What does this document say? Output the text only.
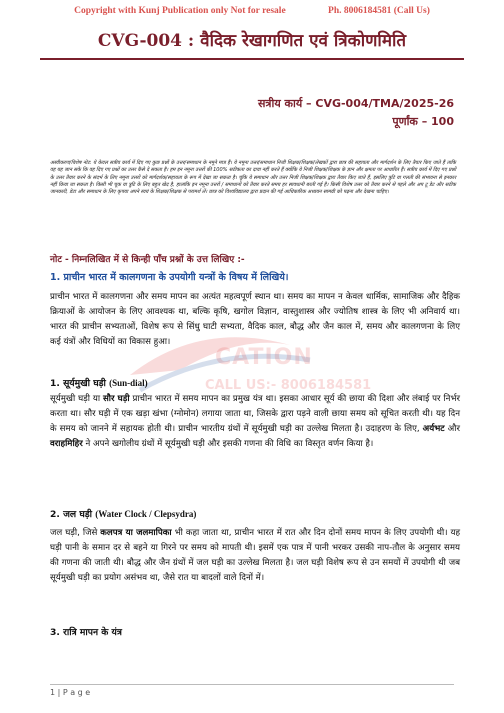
Copyright with Kunj Publication only Not for resale	Ph. 8006184581 (Call Us)
CVG-004 : वैदिक रेखागणित एवं त्रिकोणमिति
सत्रीय कार्य – CVG-004/TMA/2025-26
पूर्णांक – 100
अस्वीकरण/विशेष नोट: ये केवल सत्रीय कार्य में दिए गए कुछ प्रश्नों के उत्तर/समाधान के नमूने मात्र हैं। ये नमूना उत्तर/समाधान निजी शिक्षक/शिक्षक/लेखकों द्वारा छात्र की सहायता और मार्गदर्शन के लिए तैयार किए जाते हैं ताकि वह यह जान सके कि वह दिए गए प्रश्नों का उत्तर कैसे दे सकता है। हम इन नमूना उत्तरों की 100% सटीकता का दावा नहीं करते हैं क्योंकि ये निजी शिक्षक/शिक्षक के ज्ञान और क्षमता पर आधारित हैं। सत्रीय कार्य में दिए गए प्रश्नों के उत्तर तैयार करने के संदर्भ के लिए नमूना उत्तरों को मार्गदर्शक/सहायता के रूप में देखा जा सकता है। चूंकि ये समाधान और उत्तर निजी शिक्षक/शिक्षक द्वारा तैयार किए जाते हैं, इसलिए त्रुटि या गलती की संभावना से इनकार नहीं किया जा सकता है। किसी भी चूक या त्रुटि के लिए बहुत खेद है, हालांकि इन नमूना उत्तरों / समाधानों को तैयार करते समय हर सावधानी बरती गई है। किसी विशेष उत्तर को तैयार करने से पहले और अप टू डेट और सटीक जानकारी, डेटा और समाधान के लिए कृपया अपने स्वयं के शिक्षक/शिक्षक से परामर्श लें। छात्र को विश्वविद्यालय द्वारा प्रदान की गई आधिकारिक अध्ययन सामग्री को पढ़ना और देखना चाहिए।
नोट - निम्नलिखित में से किन्ही पाँच प्रश्नों के उत्त लिखिए :-
1. प्राचीन भारत में कालगणना के उपयोगी यन्त्रों के विषय में लिखिये।
प्राचीन भारत में कालगणना और समय मापन का अत्यंत महत्वपूर्ण स्थान था। समय का मापन न केवल धार्मिक, सामाजिक और दैहिक क्रियाओं के आयोजन के लिए आवश्यक था, बल्कि कृषि, खगोल विज्ञान, वास्तुशास्त्र और ज्योतिष शास्त्र के लिए भी अनिवार्य था। भारत की प्राचीन सभ्यताओं, विशेष रूप से सिंधु घाटी सभ्यता, वैदिक काल, बौद्ध और जैन काल में, समय और कालगणना के लिए कई यंत्रों और विधियों का विकास हुआ।
CATION
CALL US:- 8006184581
1. सूर्यमुखी घड़ी (Sun-dial)
सूर्यमुखी घड़ी या सौर घड़ी प्राचीन भारत में समय मापन का प्रमुख यंत्र था। इसका आधार सूर्य की छाया की दिशा और लंबाई पर निर्भर करता था। सौर घड़ी में एक खड़ा खंभा (ग्नोमोन) लगाया जाता था, जिसके द्वारा पड़ने वाली छाया समय को सूचित करती थी। यह दिन के समय को जानने में सहायक होती थी। प्राचीन भारतीय ग्रंथों में सूर्यमुखी घड़ी का उल्लेख मिलता है। उदाहरण के लिए, अर्यभट और वराहमिहिर ने अपने खगोलीय ग्रंथों में सूर्यमुखी घड़ी और इसकी गणना की विधि का विस्तृत वर्णन किया है।
2. जल घड़ी (Water Clock / Clepsydra)
जल घड़ी, जिसे कलपत्र या जलमापिका भी कहा जाता था, प्राचीन भारत में रात और दिन दोनों समय मापन के लिए उपयोगी थी। यह घड़ी पानी के समान दर से बहने या गिरने पर समय को मापती थी। इसमें एक पात्र में पानी भरकर उसकी नाप-तौल के अनुसार समय की गणना की जाती थी। बौद्ध और जैन ग्रंथों में जल घड़ी का उल्लेख मिलता है। जल घड़ी विशेष रूप से उन समयों में उपयोगी थी जब सूर्यमुखी घड़ी का प्रयोग असंभव था, जैसे रात या बादलों वाले दिनों में।
3. रात्रि मापन के यंत्र
1 | P a g e
